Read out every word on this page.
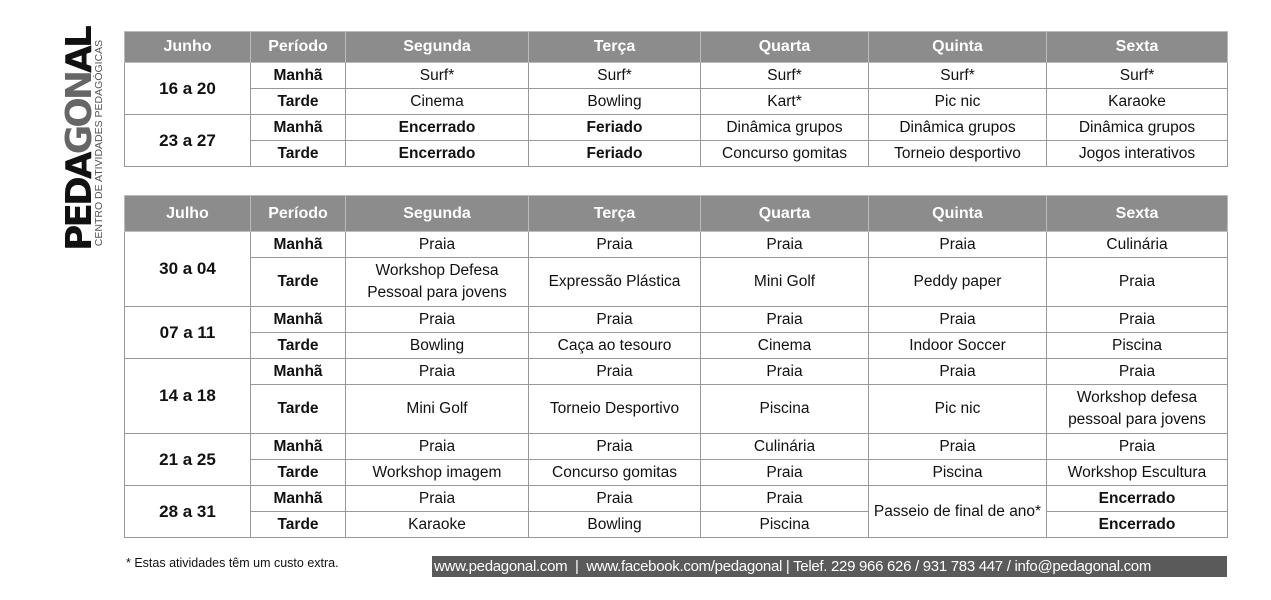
PEDAGONAL
CENTRO DE ATIVIDADES PEDAGÓGICAS	Junho	Período	Segunda	Terça	Quarta	Quinta	Sexta
16 a 20	Manhã	Surf*	Surf*	Surf*	Surf*	Surf*
	Tarde	Cinema	Bowling	Kart*	Pic nic	Karaoke
23 a 27	Manhã	Encerrado	Feriado	Dinâmica grupos	Dinâmica grupos	Dinâmica grupos
	Tarde	Encerrado	Feriado	Concurso gomitas	Torneio desportivo	Jogos interativos
Julho	Período	Segunda	Terça	Quarta	Quinta	Sexta
30 a 04	Manhã	Praia	Praia	Praia	Praia	Culinária
	Tarde	Workshop Defesa Pessoal para jovens	Expressão Plástica	Mini Golf	Peddy paper	Praia
07 a 11	Manhã	Praia	Praia	Praia	Praia	Praia
	Tarde	Bowling	Caça ao tesouro	Cinema	Indoor Soccer	Piscina
14 a 18	Manhã	Praia	Praia	Praia	Praia	Praia
	Tarde	Mini Golf	Torneio Desportivo	Piscina	Pic nic	Workshop defesa pessoal para jovens
21 a 25	Manhã	Praia	Praia	Culinária	Praia	Praia
	Tarde	Workshop imagem	Concurso gomitas	Praia	Piscina	Workshop Escultura
28 a 31	Manhã	Praia	Praia	Praia	Passeio de final de ano*	Encerrado
	Tarde	Karaoke	Bowling	Piscina		Encerrado
* Estas atividades têm um custo extra.	www.pedagonal.com  |  www.facebook.com/pedagonal | Telef. 229 966 626 / 931 783 447 / info@pedagonal.com
